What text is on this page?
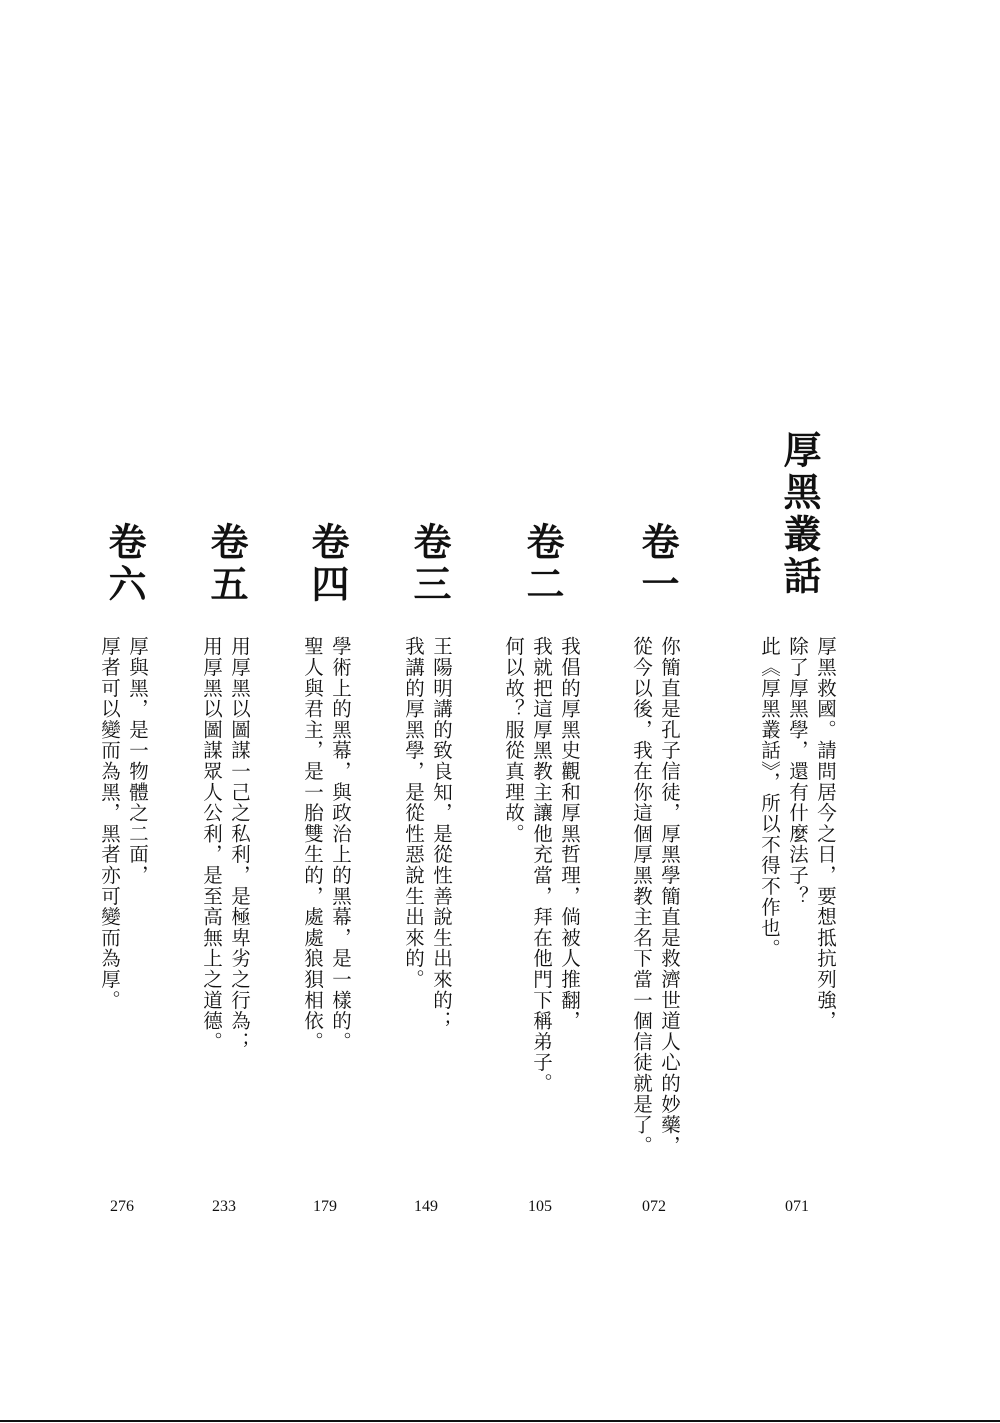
厚黑叢話
厚黑救國。請問居今之日，要想抵抗列強，
除了厚黑學，還有什麼法子？
此《厚黑叢話》，所以不得不作也。
071
卷一
你簡直是孔子信徒，厚黑學簡直是救濟世道人心的妙藥，
從今以後，我在你這個厚黑教主名下當一個信徒就是了。
072
卷二
我倡的厚黑史觀和厚黑哲理，倘被人推翻，
我就把這厚黑教主讓他充當，拜在他門下稱弟子。
何以故？服從真理故。
105
卷三
王陽明講的致良知，是從性善說生出來的；
我講的厚黑學，是從性惡說生出來的。
149
卷四
學術上的黑幕，與政治上的黑幕，是一樣的。
聖人與君主，是一胎雙生的，處處狼狽相依。
179
卷五
用厚黑以圖謀一己之私利，是極卑劣之行為；
用厚黑以圖謀眾人公利，是至高無上之道德。
233
卷六
厚與黑，是一物體之二面，
厚者可以變而為黑，黑者亦可變而為厚。
276
